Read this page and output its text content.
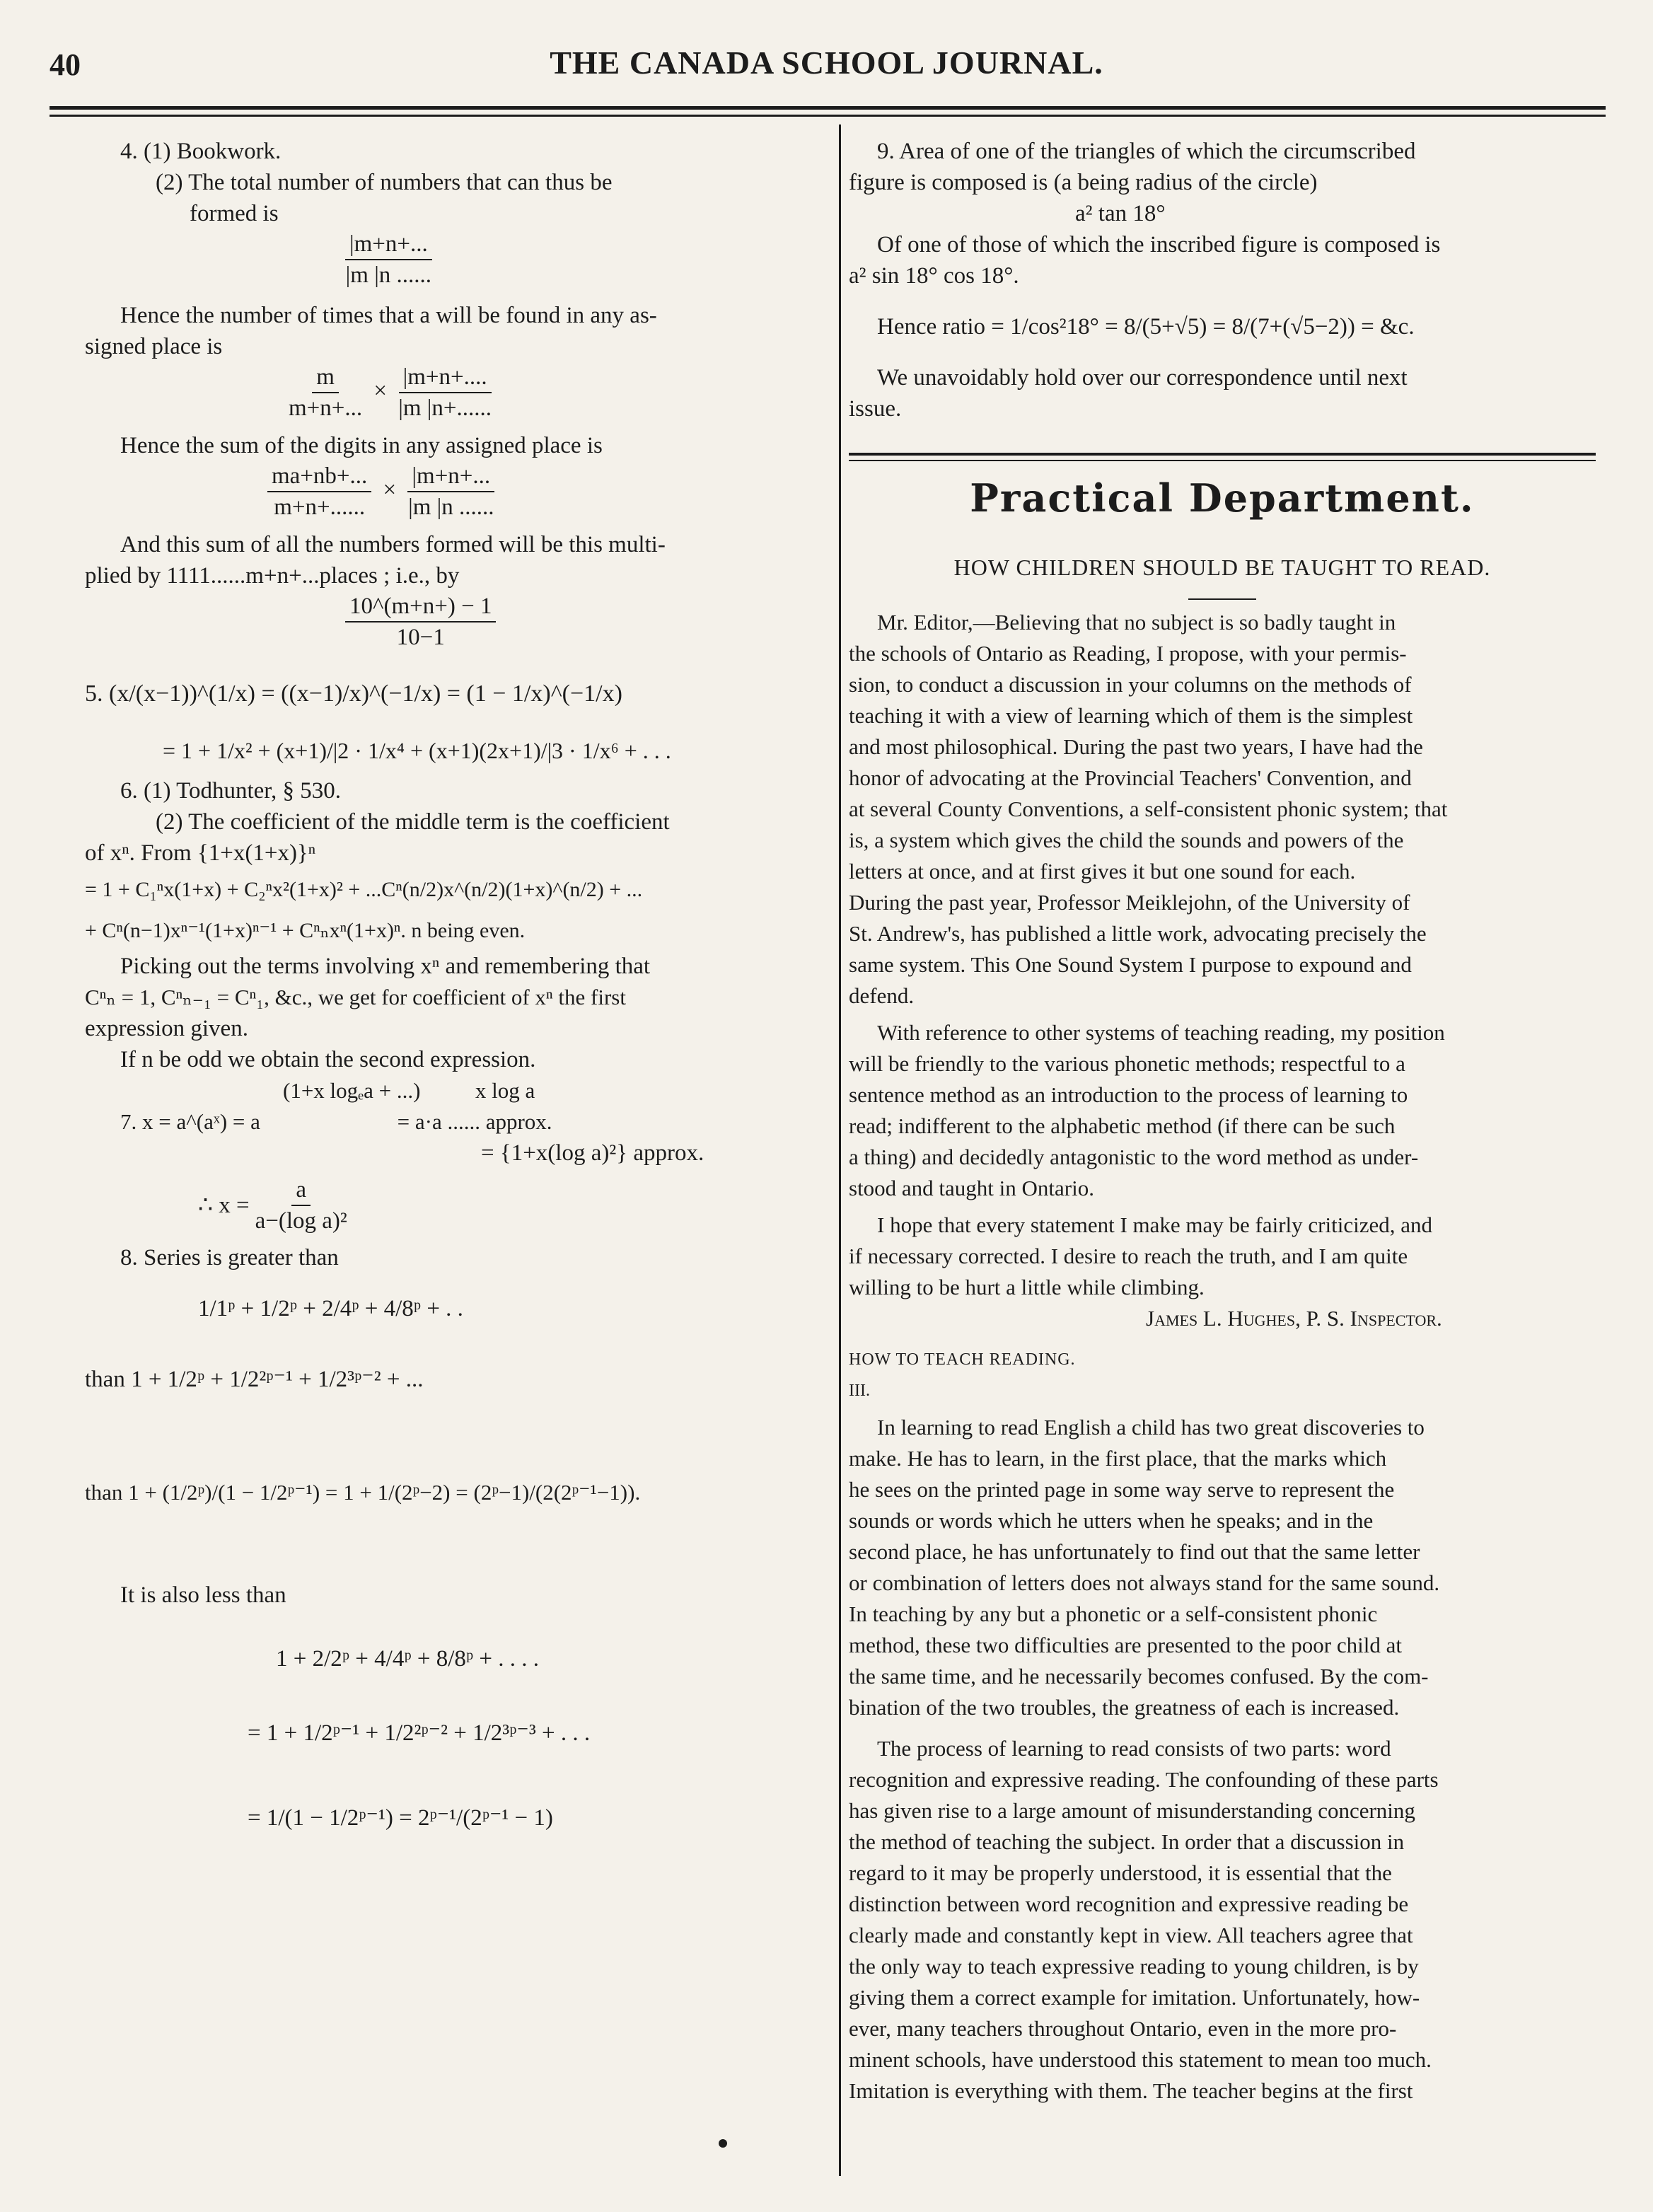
40	THE CANADA SCHOOL JOURNAL.

4. (1) Bookwork.

(2) The total number of numbers that can thus be

formed is

$\frac{|m+n+...}{|m |n ......}$

Hence the number of times that a will be found in any as-

signed place is

$\frac{m}{m+n+...} \times \frac{|m+n+....}{|m |n+......}$

Hence the sum of the digits in any assigned place is

$\frac{ma+nb+...}{m+n+......} \times \frac{|m+n+...}{|m |n ......}$

And this sum of all the numbers formed will be this multi-

plied by 1111......m+n+...places ; i.e., by

$\frac{10\^{}(m+n+) - 1}{10-1}$

5. (x/(x−1))^(1/x) = ((x−1)/x)^(−1/x) = (1 − 1/x)^(−1/x)

= 1 + 1/x² + (x+1)/|2 · 1/x⁴ + (x+1)(2x+1)/|3 · 1/x⁶ + . . .

6. (1) Todhunter, § 530.

(2) The coefficient of the middle term is the coefficient

of xⁿ. From {1+x(1+x)}ⁿ

= 1 + C₁ⁿx(1+x) + C₂ⁿx²(1+x)² + ...Cⁿ(n/2)x^(n/2)(1+x)^(n/2) + ...

+ Cⁿ(n−1)xⁿ⁻¹(1+x)ⁿ⁻¹ + Cⁿₙxⁿ(1+x)ⁿ. n being even.

Picking out the terms involving xⁿ and remembering that

Cⁿₙ = 1, Cⁿₙ₋₁ = Cⁿ₁, &c., we get for coefficient of xⁿ the first

expression given.

If n be odd we obtain the second expression.

(1+x logₑa + ...)          x log a

7. x = a^(aˣ) = a                         = a·a ...... approx.

= {1+x(log a)²} approx.

∴ $x = \frac{a}{\text{a−(log a)²}}$

8. Series is greater than

1/1ᵖ + 1/2ᵖ + 2/4ᵖ + 4/8ᵖ + . .

than 1 + 1/2ᵖ + 1/2²ᵖ⁻¹ + 1/2³ᵖ⁻² + ...

than 1 + (1/2ᵖ)/(1 − 1/2ᵖ⁻¹) = 1 + 1/(2ᵖ−2) = (2ᵖ−1)/(2(2ᵖ⁻¹−1)).

It is also less than

1 + 2/2ᵖ + 4/4ᵖ + 8/8ᵖ + . . . .

= 1 + 1/2ᵖ⁻¹ + 1/2²ᵖ⁻² + 1/2³ᵖ⁻³ + . . .

= 1/(1 − 1/2ᵖ⁻¹) = 2ᵖ⁻¹/(2ᵖ⁻¹ − 1)

9. Area of one of the triangles of which the circumscribed

figure is composed is (a being radius of the circle)

a² tan 18°

Of one of those of which the inscribed figure is composed is

a² sin 18° cos 18°.

Hence ratio = 1/cos²18° = 8/(5+√5) = 8/(7+(√5−2)) = &c.

We unavoidably hold over our correspondence until next

issue.

Practical Department.
HOW CHILDREN SHOULD BE TAUGHT TO READ.
Mr. Editor,—Believing that no subject is so badly taught in
the schools of Ontario as Reading, I propose, with your permis-
sion, to conduct a discussion in your columns on the methods of
teaching it with a view of learning which of them is the simplest
and most philosophical. During the past two years, I have had the
honor of advocating at the Provincial Teachers' Convention, and
at several County Conventions, a self-consistent phonic system; that
is, a system which gives the child the sounds and powers of the
letters at once, and at first gives it but one sound for each.
During the past year, Professor Meiklejohn, of the University of
St. Andrew's, has published a little work, advocating precisely the
same system. This One Sound System I purpose to expound and
defend.
With reference to other systems of teaching reading, my position
will be friendly to the various phonetic methods; respectful to a
sentence method as an introduction to the process of learning to
read; indifferent to the alphabetic method (if there can be such
a thing) and decidedly antagonistic to the word method as under-
stood and taught in Ontario.
I hope that every statement I make may be fairly criticized, and
if necessary corrected. I desire to reach the truth, and I am quite
willing to be hurt a little while climbing.
James L. Hughes, P. S. Inspector.
HOW TO TEACH READING.
III.
In learning to read English a child has two great discoveries to
make. He has to learn, in the first place, that the marks which
he sees on the printed page in some way serve to represent the
sounds or words which he utters when he speaks; and in the
second place, he has unfortunately to find out that the same letter
or combination of letters does not always stand for the same sound.
In teaching by any but a phonetic or a self-consistent phonic
method, these two difficulties are presented to the poor child at
the same time, and he necessarily becomes confused. By the com-
bination of the two troubles, the greatness of each is increased.
The process of learning to read consists of two parts: word
recognition and expressive reading. The confounding of these parts
has given rise to a large amount of misunderstanding concerning
the method of teaching the subject. In order that a discussion in
regard to it may be properly understood, it is essential that the
distinction between word recognition and expressive reading be
clearly made and constantly kept in view. All teachers agree that
the only way to teach expressive reading to young children, is by
giving them a correct example for imitation. Unfortunately, how-
ever, many teachers throughout Ontario, even in the more pro-
minent schools, have understood this statement to mean too much.
Imitation is everything with them. The teacher begins at the first
